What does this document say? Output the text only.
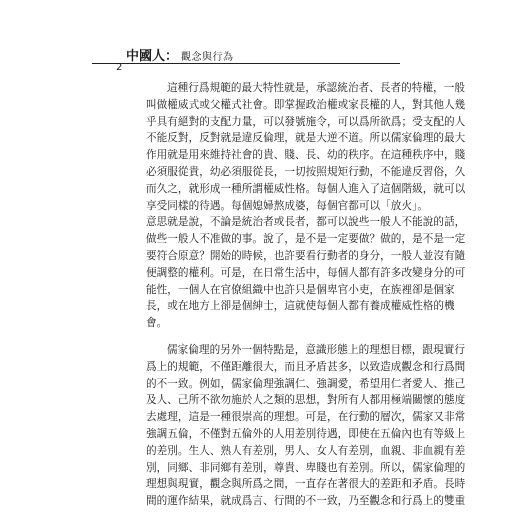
中國人： 觀念與行為
2
這種行爲規範的最大特性就是，承認統治者、長者的特權，一般
叫做權威式或父權式社會。即掌握政治權或家長權的人，對其他人幾
乎具有絕對的支配力量，可以發號施令，可以爲所欲爲；受支配的人
不能反對，反對就是違反倫理，就是大逆不道。所以儒家倫理的最大
作用就是用來維持社會的貴、賤、長、幼的秩序。在這種秩序中，賤
必須服從貴，幼必須服從長，一切按照規矩行動，不能違反習俗，久
而久之，就形成一種所謂權威性格。每個人進入了這個階級，就可以
享受同樣的待遇。每個媳婦熬成婆，每個官都可以「放火」。
意思就是說，不論是統治者或長者，都可以說些一般人不能說的話，
做些一般人不准做的事。說了，是不是一定要做？做的，是不是一定
要符合原意？開始的時候，也許要看行動者的身分，一般人並沒有隨
便調整的權利。可是，在日常生活中，每個人都有許多改變身分的可
能性，一個人在官僚組織中也許只是個卑官小吏，在族裡卻是個家
長，或在地方上卻是個紳士，這就使每個人都有養成權威性格的機
會。
儒家倫理的另外一個特點是，意識形態上的理想目標，跟現實行
爲上的規範，不僅距離很大，而且矛盾甚多，以致造成觀念和行爲間
的不一致。例如，儒家倫理強調仁、強調愛，希望用仁者愛人、推己
及人、己所不欲勿施於人之類的思想，對所有人都用極端關懷的態度
去處理，這是一種很崇高的理想。可是，在行動的層次，儒家又非常
強調五倫，不僅對五倫外的人用差別待遇，即使在五倫內也有等級上
的差別。生人、熟人有差別，男人、女人有差別，血親、非血親有差
別，同鄉、非同鄉有差別，尊貴、卑賤也有差別。所以，儒家倫理的
理想與現實，觀念與所爲之間，一直存在著很大的差距和矛盾。長時
間的運作結果，就成爲言、行間的不一致，乃至觀念和行爲上的雙重
